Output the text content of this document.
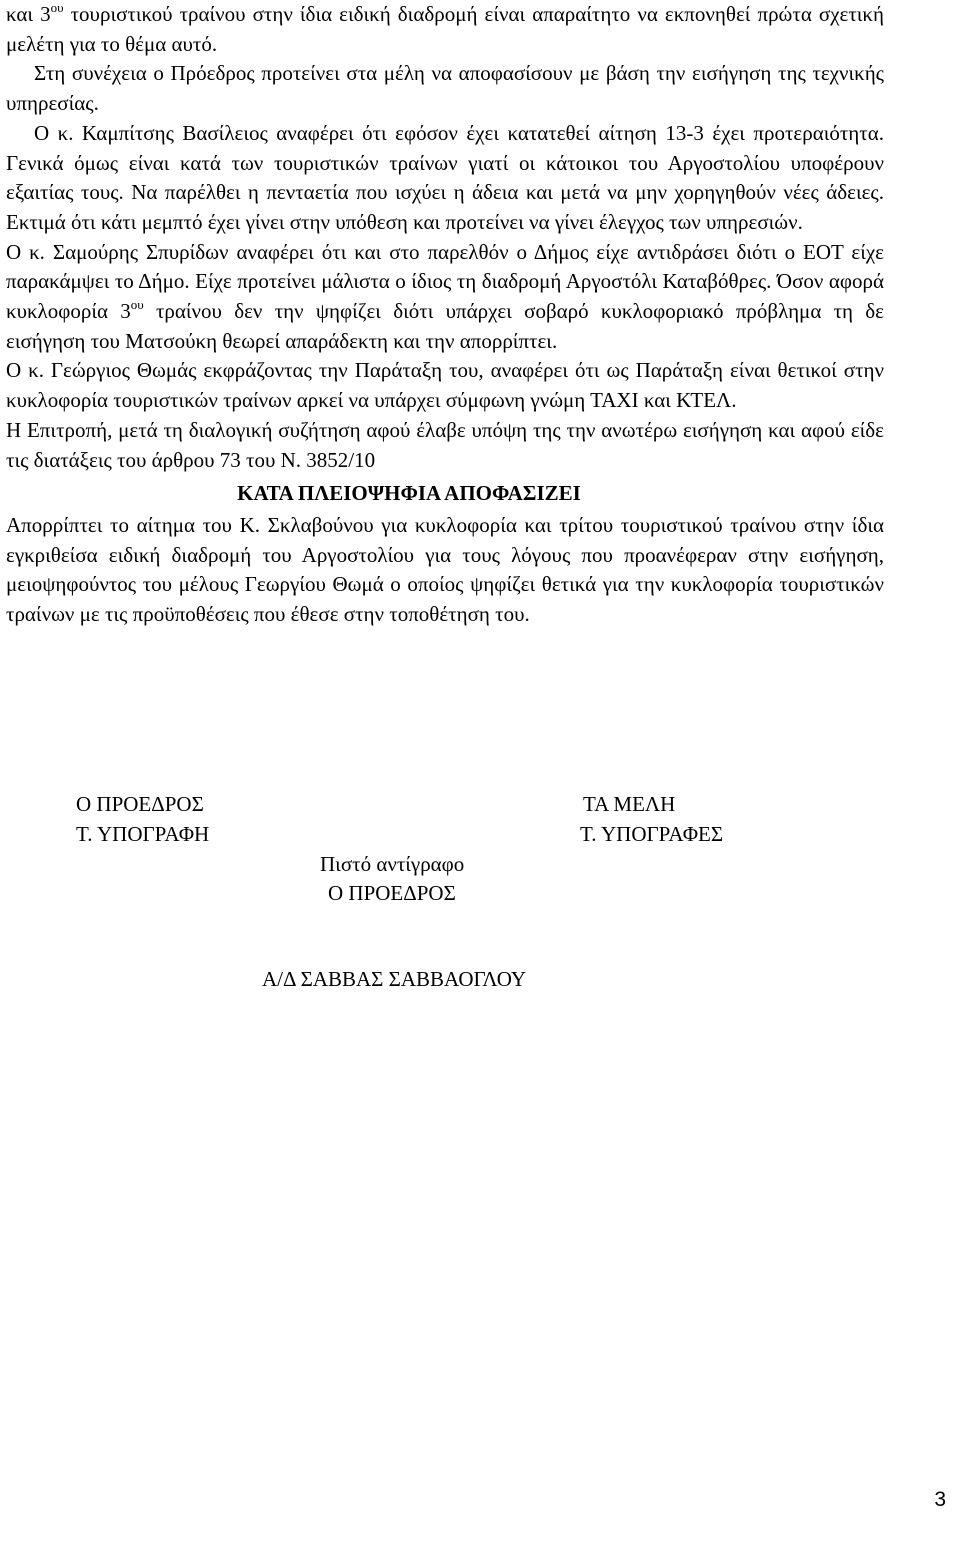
και $3^{o\upsilon}$ τουριστικού τραίνου στην ίδια ειδική διαδρομή είναι απαραίτητο να εκπονηθεί πρώτα σχετική μελέτη για το θέμα αυτό.

Στη συνέχεια ο Πρόεδρος προτείνει στα μέλη να αποφασίσουν με βάση την εισήγηση της τεχνικής υπηρεσίας.

Ο κ. Καμπίτσης Βασίλειος αναφέρει ότι εφόσον έχει κατατεθεί αίτηση 13-3 έχει προτεραιότητα. Γενικά όμως είναι κατά των τουριστικών τραίνων γιατί οι κάτοικοι του Αργοστολίου υποφέρουν εξαιτίας τους. Να παρέλθει η πενταετία που ισχύει η άδεια και μετά να μην χορηγηθούν νέες άδειες. Εκτιμά ότι κάτι μεμπτό έχει γίνει στην υπόθεση και προτείνει να γίνει έλεγχος των υπηρεσιών.

Ο κ. Σαμούρης Σπυρίδων αναφέρει ότι και στο παρελθόν ο Δήμος είχε αντιδράσει διότι ο ΕΟΤ είχε παρακάμψει το Δήμο. Είχε προτείνει μάλιστα ο ίδιος τη διαδρομή Αργοστόλι Καταβόθρες. Όσον αφορά κυκλοφορία $3^{o\upsilon}$ τραίνου δεν την ψηφίζει διότι υπάρχει σοβαρό κυκλοφοριακό πρόβλημα τη δε εισήγηση του Ματσούκη θεωρεί απαράδεκτη και την απορρίπτει.

Ο κ. Γεώργιος Θωμάς εκφράζοντας την Παράταξη του, αναφέρει ότι ως Παράταξη είναι θετικοί στην κυκλοφορία τουριστικών τραίνων αρκεί να υπάρχει σύμφωνη γνώμη ΤΑΧΙ και ΚΤΕΛ.

Η Επιτροπή, μετά τη διαλογική συζήτηση αφού έλαβε υπόψη της την ανωτέρω εισήγηση και αφού είδε τις διατάξεις του άρθρου 73 του Ν. 3852/10

ΚΑΤΑ ΠΛΕΙΟΨΗΦΙΑ ΑΠΟΦΑΣΙΖΕΙ

Απορρίπτει το αίτημα του Κ. Σκλαβούνου για κυκλοφορία και τρίτου τουριστικού τραίνου στην ίδια εγκριθείσα ειδική διαδρομή του Αργοστολίου για τους λόγους που προανέφεραν στην εισήγηση, μειοψηφούντος του μέλους Γεωργίου Θωμά ο οποίος ψηφίζει θετικά για την κυκλοφορία τουριστικών τραίνων με τις προϋποθέσεις που έθεσε στην τοποθέτηση του.

Ο ΠΡΟΕΔΡΟΣ
Τ. ΥΠΟΓΡΑΦΗ
ΤΑ ΜΕΛΗ
Τ. ΥΠΟΓΡΑΦΕΣ
Πιστό αντίγραφο
Ο ΠΡΟΕΔΡΟΣ
Α/Δ ΣΑΒΒΑΣ ΣΑΒΒΑΟΓΛΟΥ
3
